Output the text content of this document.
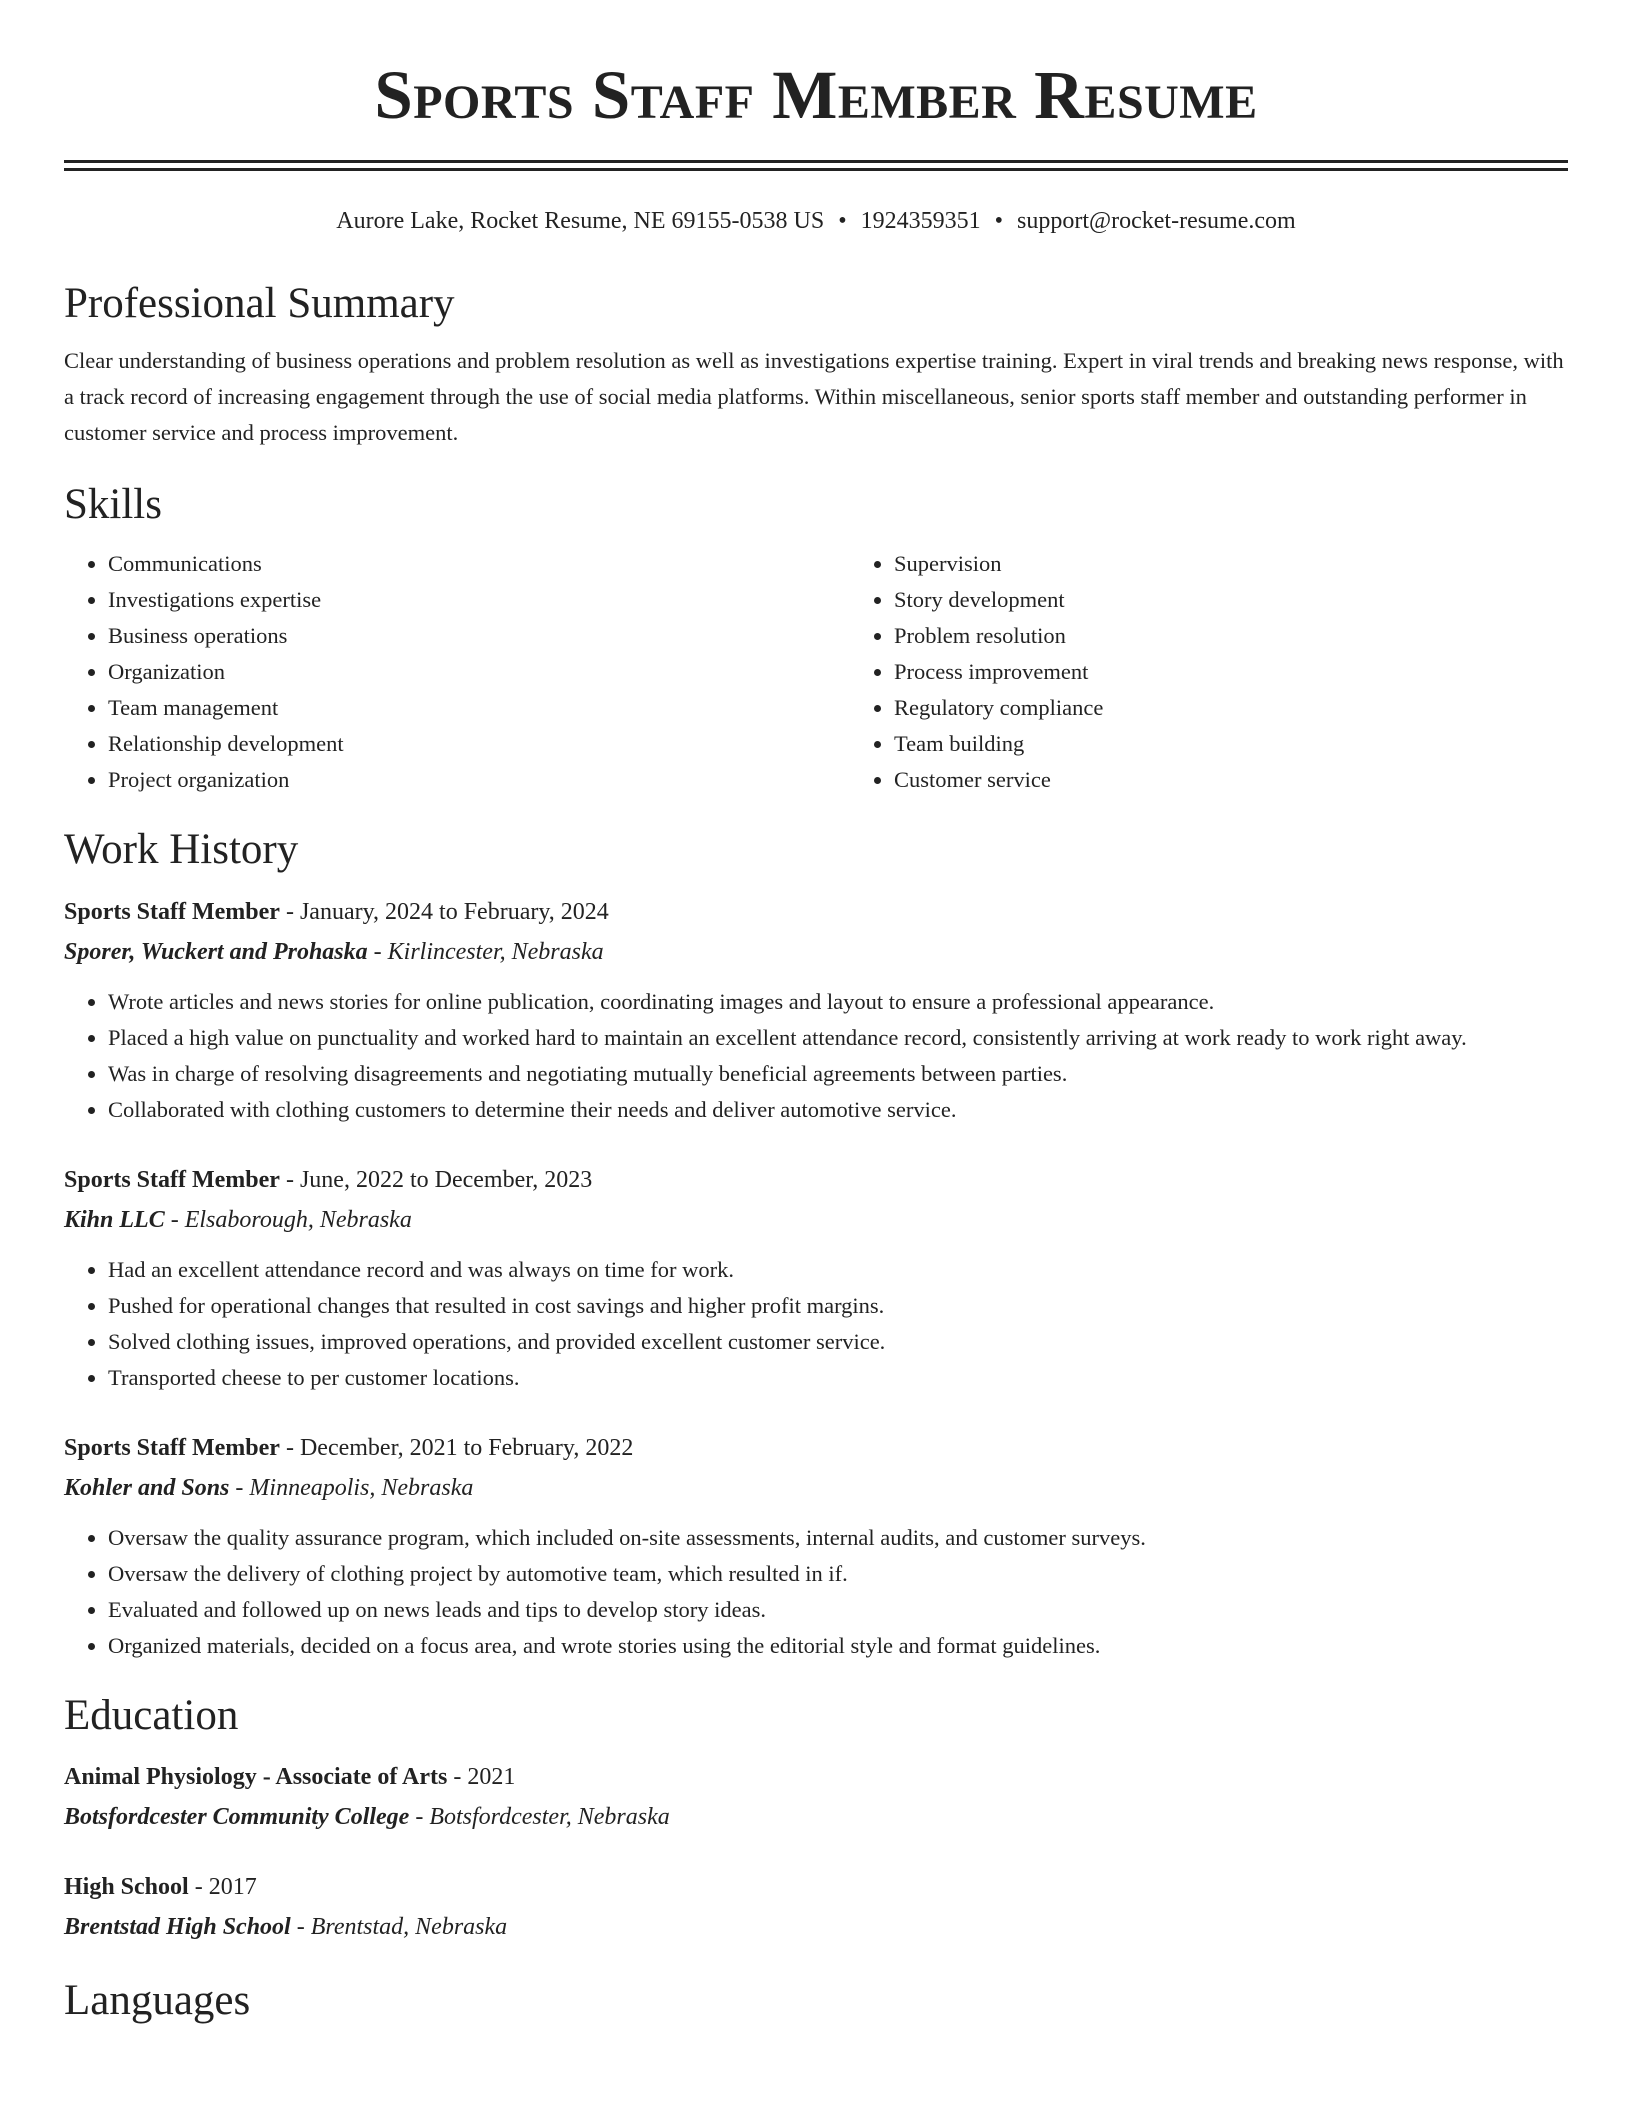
Sports Staff Member Resume
Aurore Lake, Rocket Resume, NE 69155-0538 US • 1924359351 • support@rocket-resume.com
Professional Summary

Clear understanding of business operations and problem resolution as well as investigations expertise training. Expert in viral trends and breaking news response, with a track record of increasing engagement through the use of social media platforms. Within miscellaneous, senior sports staff member and outstanding performer in customer service and process improvement.

Skills
• Communications
• Investigations expertise
• Business operations
• Organization
• Team management
• Relationship development
• Project organization
• Supervision
• Story development
• Problem resolution
• Process improvement
• Regulatory compliance
• Team building
• Customer service
Work History
Sports Staff Member - January, 2024 to February, 2024
Sporer, Wuckert and Prohaska - Kirlincester, Nebraska
• Wrote articles and news stories for online publication, coordinating images and layout to ensure a professional appearance.
• Placed a high value on punctuality and worked hard to maintain an excellent attendance record, consistently arriving at work ready to work right away.
• Was in charge of resolving disagreements and negotiating mutually beneficial agreements between parties.
• Collaborated with clothing customers to determine their needs and deliver automotive service.
Sports Staff Member - June, 2022 to December, 2023
Kihn LLC - Elsaborough, Nebraska
• Had an excellent attendance record and was always on time for work.
• Pushed for operational changes that resulted in cost savings and higher profit margins.
• Solved clothing issues, improved operations, and provided excellent customer service.
• Transported cheese to per customer locations.
Sports Staff Member - December, 2021 to February, 2022
Kohler and Sons - Minneapolis, Nebraska
• Oversaw the quality assurance program, which included on-site assessments, internal audits, and customer surveys.
• Oversaw the delivery of clothing project by automotive team, which resulted in if.
• Evaluated and followed up on news leads and tips to develop story ideas.
• Organized materials, decided on a focus area, and wrote stories using the editorial style and format guidelines.
Education
Animal Physiology - Associate of Arts - 2021
Botsfordcester Community College - Botsfordcester, Nebraska
High School - 2017
Brentstad High School - Brentstad, Nebraska
Languages
